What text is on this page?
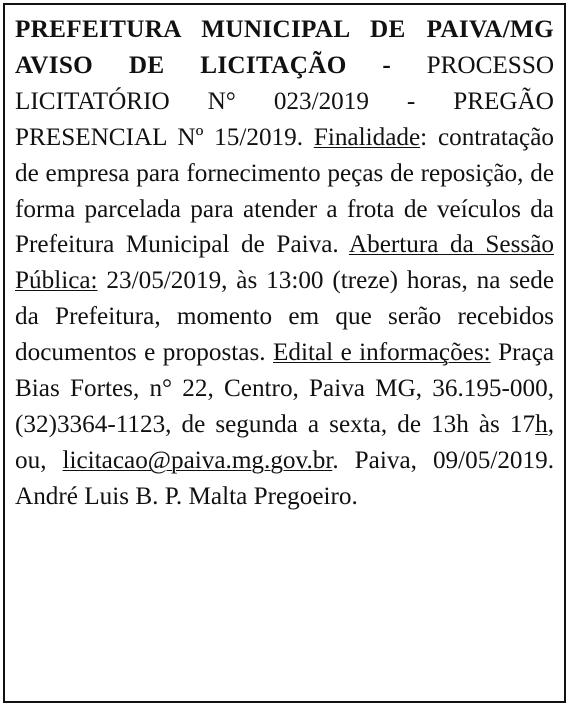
PREFEITURA MUNICIPAL DE PAIVA/MG AVISO DE LICITAÇÃO - PROCESSO LICITATÓRIO N° 023/2019 - PREGÃO PRESENCIAL Nº 15/2019. Finalidade: contratação de empresa para fornecimento peças de reposição, de forma parcelada para atender a frota de veículos da Prefeitura Municipal de Paiva. Abertura da Sessão Pública: 23/05/2019, às 13:00 (treze) horas, na sede da Prefeitura, momento em que serão recebidos documentos e propostas. Edital e informações: Praça Bias Fortes, n° 22, Centro, Paiva MG, 36.195-000, (32)3364-1123, de segunda a sexta, de 13h às 17h, ou, licitacao@paiva.mg.gov.br. Paiva, 09/05/2019. André Luis B. P. Malta Pregoeiro.
